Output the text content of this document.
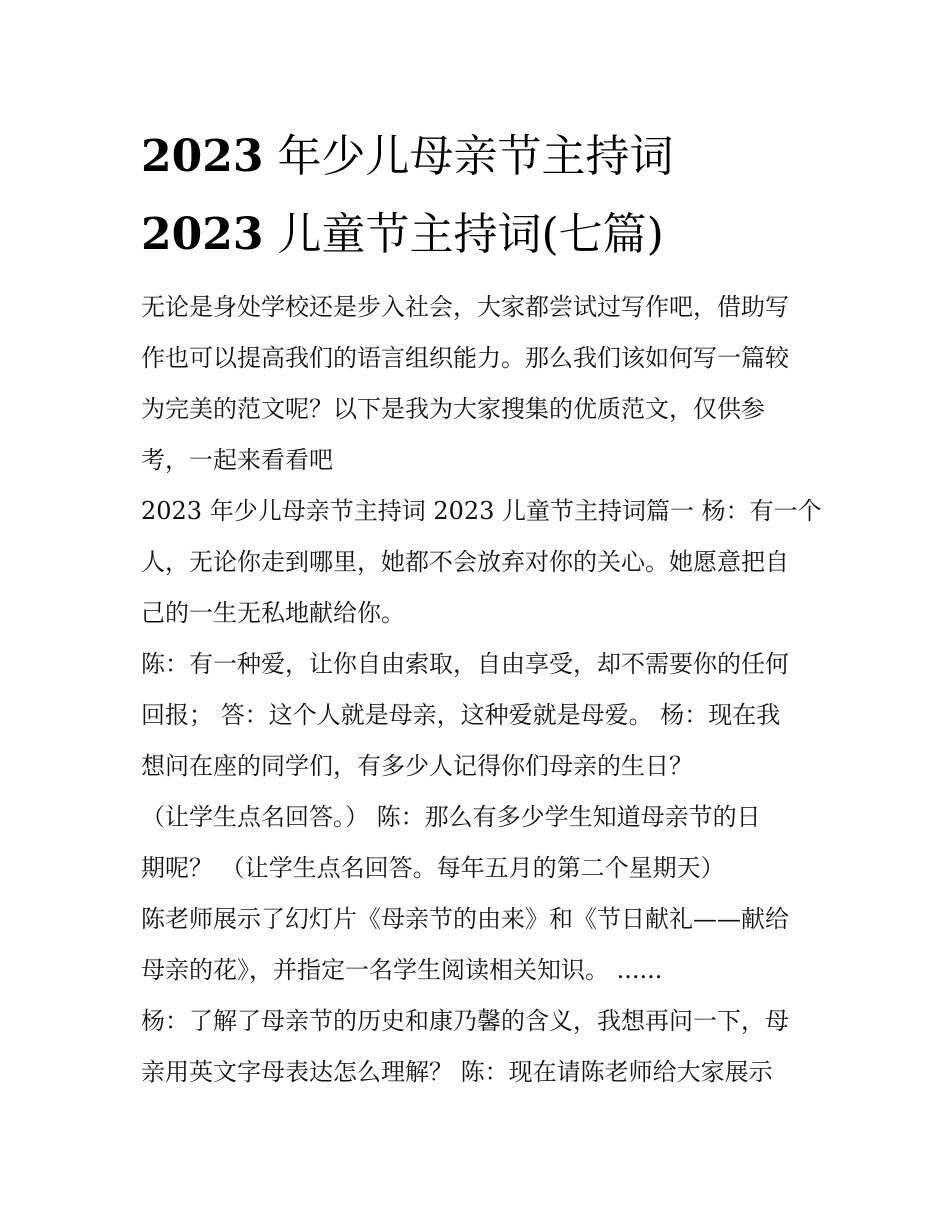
2023 年少儿母亲节主持词
2023 儿童节主持词(七篇)

无论是身处学校还是步入社会，大家都尝试过写作吧，借助写
作也可以提高我们的语言组织能力。那么我们该如何写一篇较
为完美的范文呢？以下是我为大家搜集的优质范文，仅供参
考，一起来看看吧

2023 年少儿母亲节主持词 2023 儿童节主持词篇一 杨：有一个
人，无论你走到哪里，她都不会放弃对你的关心。她愿意把自
己的一生无私地献给你。

陈：有一种爱，让你自由索取，自由享受，却不需要你的任何
回报； 答：这个人就是母亲，这种爱就是母爱。 杨：现在我
想问在座的同学们，有多少人记得你们母亲的生日？

（让学生点名回答。） 陈：那么有多少学生知道母亲节的日
期呢？ （让学生点名回答。每年五月的第二个星期天）

陈老师展示了幻灯片《母亲节的由来》和《节日献礼——献给
母亲的花》，并指定一名学生阅读相关知识。 ......

杨：了解了母亲节的历史和康乃馨的含义，我想再问一下，母
亲用英文字母表达怎么理解？ 陈：现在请陈老师给大家展示
